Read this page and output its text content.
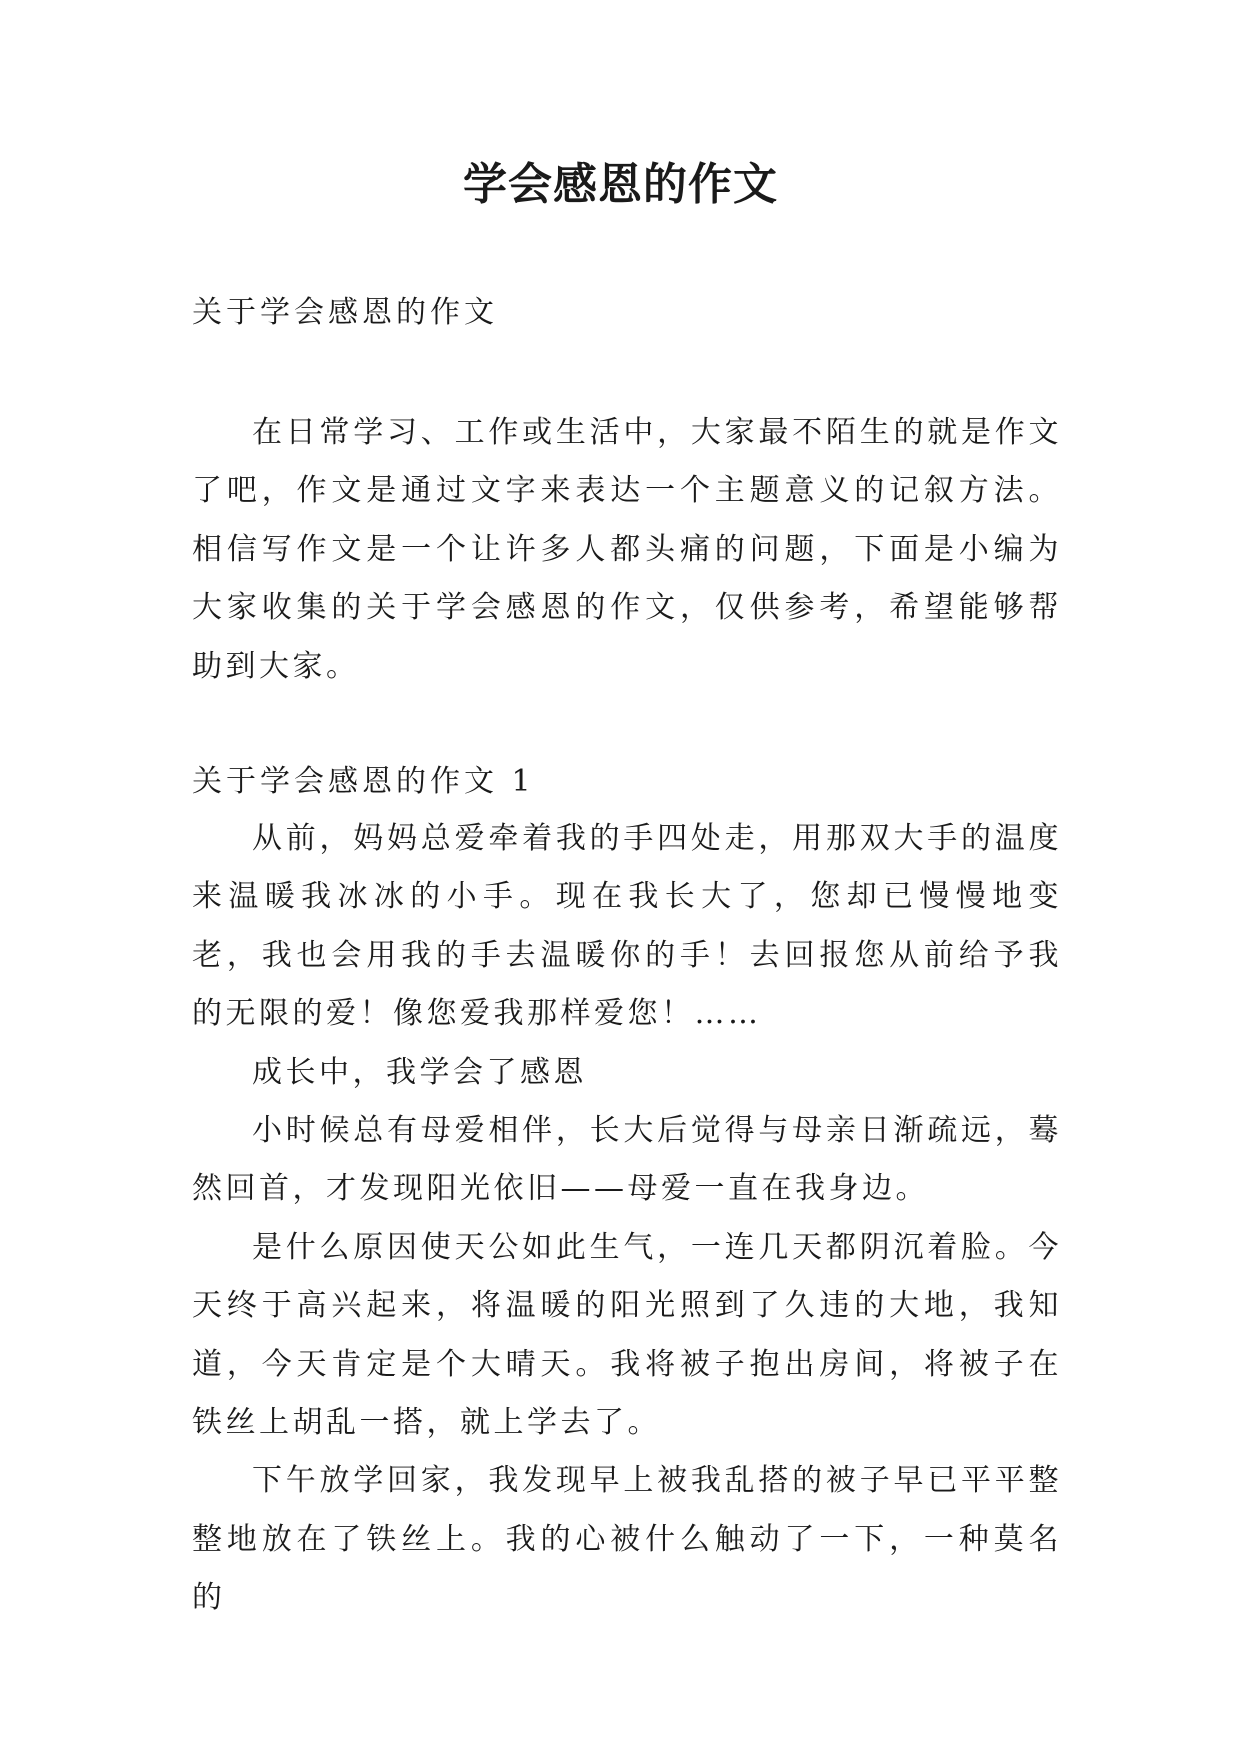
学会感恩的作文
关于学会感恩的作文

在日常学习、工作或生活中，大家最不陌生的就是作文了吧，作文是通过文字来表达一个主题意义的记叙方法。相信写作文是一个让许多人都头痛的问题，下面是小编为大家收集的关于学会感恩的作文，仅供参考，希望能够帮助到大家。

关于学会感恩的作文 1

从前，妈妈总爱牵着我的手四处走，用那双大手的温度来温暖我冰冰的小手。现在我长大了，您却已慢慢地变老，我也会用我的手去温暖你的手！去回报您从前给予我的无限的爱！像您爱我那样爱您！……

成长中，我学会了感恩

小时候总有母爱相伴，长大后觉得与母亲日渐疏远，蓦然回首，才发现阳光依旧——母爱一直在我身边。

是什么原因使天公如此生气，一连几天都阴沉着脸。今天终于高兴起来，将温暖的阳光照到了久违的大地，我知道，今天肯定是个大晴天。我将被子抱出房间，将被子在铁丝上胡乱一搭，就上学去了。

下午放学回家，我发现早上被我乱搭的被子早已平平整整地放在了铁丝上。我的心被什么触动了一下，一种莫名的
